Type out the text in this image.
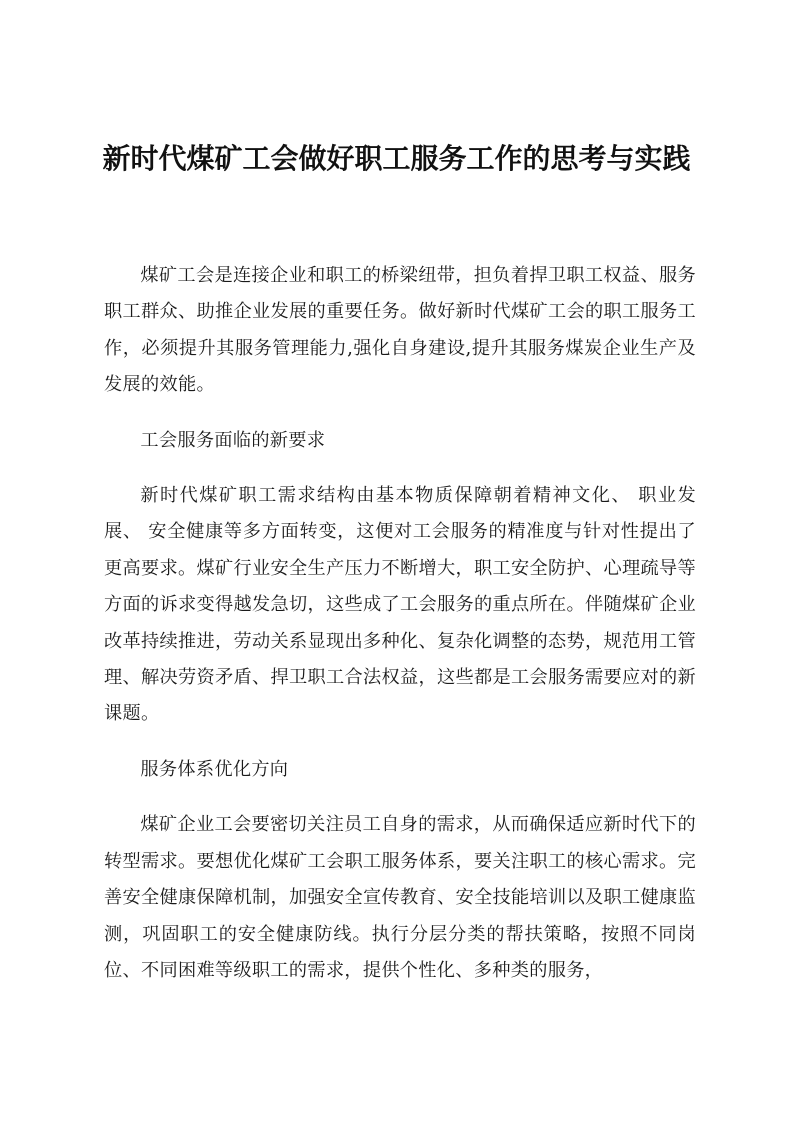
新时代煤矿工会做好职工服务工作的思考与实践

煤矿工会是连接企业和职工的桥梁纽带，担负着捍卫职工权益、服务职工群众、助推企业发展的重要任务。做好新时代煤矿工会的职工服务工作，必须提升其服务管理能力,强化自身建设,提升其服务煤炭企业生产及发展的效能。

工会服务面临的新要求

新时代煤矿职工需求结构由基本物质保障朝着精神文化、 职业发展、 安全健康等多方面转变，这便对工会服务的精准度与针对性提出了更高要求。煤矿行业安全生产压力不断增大，职工安全防护、心理疏导等方面的诉求变得越发急切，这些成了工会服务的重点所在。伴随煤矿企业改革持续推进，劳动关系显现出多种化、复杂化调整的态势，规范用工管理、解决劳资矛盾、捍卫职工合法权益，这些都是工会服务需要应对的新课题。

服务体系优化方向

煤矿企业工会要密切关注员工自身的需求，从而确保适应新时代下的转型需求。要想优化煤矿工会职工服务体系，要关注职工的核心需求。完善安全健康保障机制，加强安全宣传教育、安全技能培训以及职工健康监测，巩固职工的安全健康防线。执行分层分类的帮扶策略，按照不同岗位、不同困难等级职工的需求，提供个性化、多种类的服务，
